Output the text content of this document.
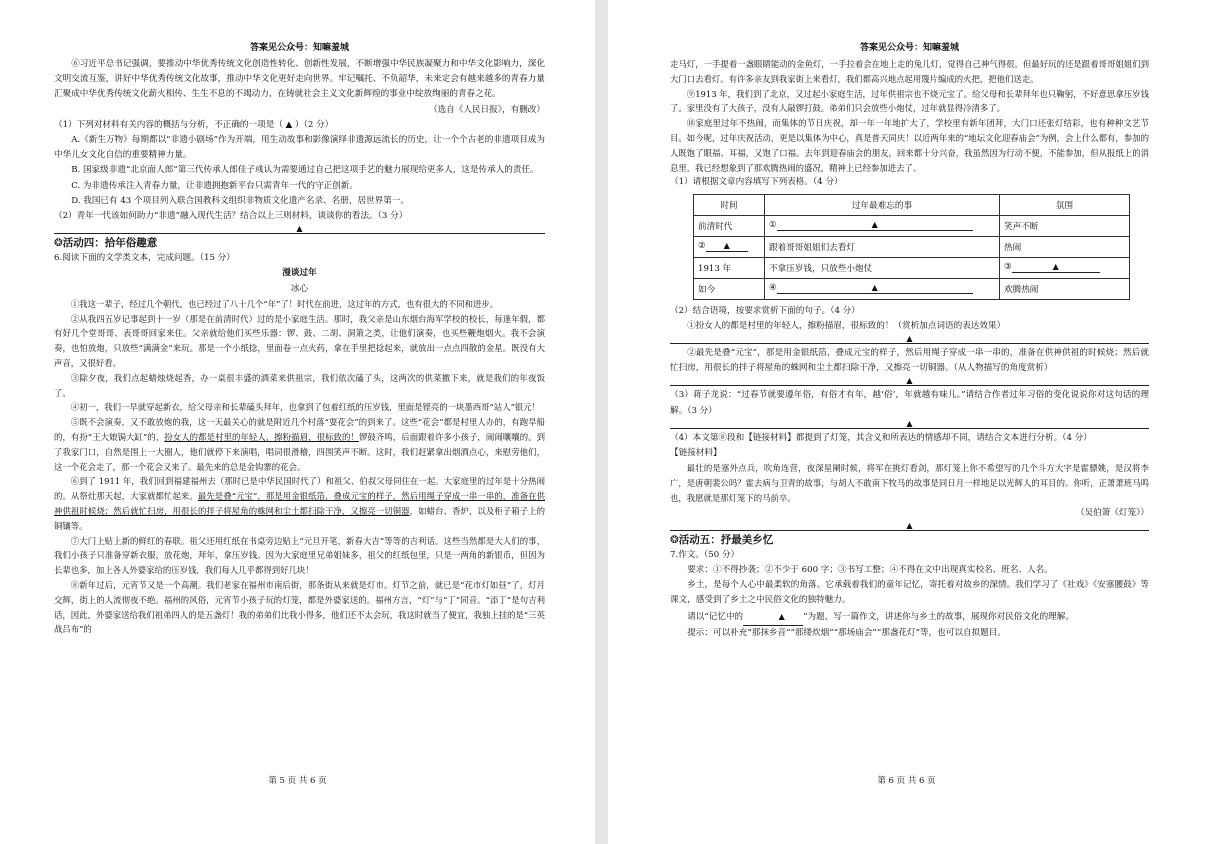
答案见公众号：知嘛羞城

⑥习近平总书记强调，要推动中华优秀传统文化创造性转化、创新性发展，不断增强中华民族凝聚力和中华文化影响力，深化文明交流互鉴，讲好中华优秀传统文化故事，推动中华文化更好走向世界。牢记嘱托、不负韶华，未来定会有越来越多的青春力量汇聚成中华优秀传统文化薪火相传、生生不息的不竭动力，在铸就社会主义文化新辉煌的事业中绽放绚丽的青春之花。

（选自《人民日报》，有删改）

（1）下列对材料有关内容的概括与分析，不正确的一项是（ ▲ ）（2 分）

A.《新生万物》每期都以“非遗小剧场”作为开端，用生动故事和影像演绎非遗源远流长的历史，让一个个古老的非遗项目成为中华儿女文化自信的重要精神力量。

B. 国家级非遗“北京面人郎”第三代传承人郎佳子彧认为需要通过自己把这项手艺的魅力展现给更多人，这是传承人的责任。

C. 为非遗传承注入青春力量，让非遗拥抱新平台只需青年一代的守正创新。

D. 我国已有 43 个项目列入联合国教科文组织非物质文化遗产名录、名册，居世界第一。

（2）青年一代该如何助力“非遗”融入现代生活？结合以上三则材料，谈谈你的看法。（3 分）

▲
❂活动四：拾年俗趣意

6.阅读下面的文学类文本，完成问题。（15 分）

漫谈过年

冰心

①我这一辈子，经过几个朝代，也已经过了八十几个“年”了！时代在前进，这过年的方式，也有很大的不同和进步。

②从我四五岁记事起到十一岁（那是在前清时代）过的是小家庭生活。那时，我父亲是山东烟台海军学校的校长，每逢年假，都有好几个堂哥哥、表哥哥回家来住。父亲就给他们买些乐器：锣、鼓、二胡、洞箫之类，让他们演奏，也买些鞭炮烟火。我不会演奏，也怕放炮，只放些“满满金”来玩。那是一个小纸捻，里面卷一点火药，拿在手里把捻起来，就放出一点点四散的金星。既没有大声音，又很好看。

③除夕夜，我们点起蜡烛烧起香，办一桌很丰盛的酒菜来供祖宗，我们依次磕了头，这两次的供菜撤下来，就是我们的年夜饭了。

④初一，我们一早就穿起新衣，给父母亲和长辈磕头拜年，也拿到了包着红纸的压岁钱，里面是铿亮的一块墨西哥“站人”银元！

⑤既不会演奏，又不敢放炮的我，这一天最关心的就是附近几个村落“耍花会”的到来了。这些“花会”都是村里人办的，有跑旱船的，有扮“王大娘锔大缸”的，扮女人的都是村里的年轻人，擦粉描眉，很标致的！锣鼓齐鸣，后面跟着许多小孩子，闹闹嚷嚷的。到了我家门口，自然是围上一大圈人，他们就停下来演唱，唱词很滑稽，四围笑声不断。这时，我们赶紧拿出烟酒点心，来慰劳他们，这一个花会走了，那一个花会又来了。最先来的总是金钩寨的花会。

⑥到了 1911 年，我们回到福建福州去（那时已是中华民国时代了）和祖父、伯叔父母同住在一起。大家庭里的过年是十分热闹的。从祭灶那天起，大家就都忙起来。最先是叠“元宝”，那是用金银纸箔，叠成元宝的样子，然后用绳子穿成一串一串的，准备在供神供祖时候烧；然后就忙扫房，用很长的拌子将屋角的蛛网和尘土都扫除干净，又擦亮一切铜器，如蜡台、香炉，以及柜子箱子上的铜镶等。

⑦大门上贴上新的鲜红的春联。祖父还用红纸在书桌旁边贴上“元旦开笔，新春大吉”等等的吉利话。这些当然都是大人们的事，我们小孩子只准备穿新衣服，放花炮，拜年，拿压岁钱。因为大家庭里兄弟姐妹多，祖父的红纸包里，只是一两角的新银币，但因为长辈也多，加上各人外婆家给的压岁钱，我们每人几乎都得到好几块！

⑧新年过后，元宵节又是一个高潮。我们老家在福州市南后街，那条街从来就是灯市。灯节之前，就已是“花市灯如昼”了，灯月交辉，街上的人流彻夜不绝。福州的风俗，元宵节小孩子玩的灯笼，都是外婆家送的。福州方言，“灯”与“丁”同音。“添丁”是句吉利话，因此，外婆家送给我们祖弟四人的是五盏灯！我的弟弟们比我小得多，他们还不太会玩，我这时就当了便宜，我独上挂的是“三英战吕布”的

第 5 页 共 6 页
答案见公众号：知嘛羞城

走马灯，一手提着一盏眼睛能动的金鱼灯，一手拉着会在地上走的兔儿灯，觉得自己神气得很。但最好玩的还是跟着哥哥姐姐们到大门口去看灯。有许多亲友到我家街上来看灯，我们都高兴地点起用篾片编成的火把，把他们送走。

⑨1913 年，我们到了北京，又过起小家庭生活，过年供祖宗也不烧元宝了。给父母和长辈拜年也只鞠躬，不好意思拿压岁钱了。家里没有了大孩子，没有人敲锣打鼓。弟弟们只会放些小炮仗，过年就显得冷清多了。

⑩家庭里过年不热闹，而集体的节日庆祝，却一年一年地扩大了，学校里有新年团拜，大门口还张灯结彩，也有种种文艺节目。如今呢，过年庆祝活动，更是以集体为中心，真是普天同庆！以近两年来的“地坛文化迎春庙会”为例，会上什么都有，参加的人既饱了眼福、耳福，又饱了口福。去年到迎春庙会的朋友，回来都十分兴奋，我虽然因为行动不便，不能参加，但从报纸上的消息里，我已经想象到了那欢腾热闹的盛况，精神上已经参加进去了。

（1）请根据文章内容填写下列表格。（4 分）

时间	过年最难忘的事	氛围
前清时代	① ▲	笑声不断
② ▲	跟着哥哥姐姐们去看灯	热闹
1913 年	不拿压岁钱，只放些小炮仗	③ ▲
如今	④ ▲	欢腾热闹

（2）结合语境，按要求赏析下面的句子。（4 分）

①扮女人的都是村里的年轻人，擦粉描眉，很标致的！（赏析加点词语的表达效果）

▲

②最先是叠“元宝”，那是用金银纸箔，叠成元宝的样子，然后用绳子穿成一串一串的，准备在供神供祖的时候烧；然后就忙扫房，用很长的拌子将屋角的蛛网和尘土都扫除干净，又擦亮一切铜器。（从人物描写的角度赏析）

▲

（3）蒋子龙说：“过春节就要遵年俗，有俗才有年，越‘俗’，年就越有味儿。”请结合作者过年习俗的变化说说你对这句话的理解。（3 分）

▲

（4）本文第⑧段和【链接材料】都提到了灯笼，其含义和所表达的情感却不同，请结合文本进行分析。（4 分）

【链接材料】

最壮的是塞外点兵，吹角连营，夜深星阑时候，将军在挑灯看剑，那灯笼上你不希望写的几个斗方大字是霍骠姚，是汉将李广，是唐朝裴公吗？霍去病与卫青的故事，与胡人不敢南下牧马的故事是同日月一样地足以光辉人的耳目的。你听，正萧萧班马鸣也，我愿就是那灯笼下的马前卒。

（吴伯箫《灯笼》）

▲
❂活动五：抒最美乡忆

7.作文。（50 分）

要求：①不得抄袭；②不少于 600 字；③书写工整；④不得在文中出现真实校名、班名、人名。

乡土，是每个人心中最柔软的角落。它承载着我们的童年记忆，寄托着对故乡的深情。我们学习了《社戏》《安塞腰鼓》等课文，感受到了乡土之中民俗文化的独特魅力。

请以“记忆中的	▲ ”为题，写一篇作文，讲述你与乡土的故事，展现你对民俗文化的理解。

提示：可以补充“那抹乡音”“那缕炊烟”“那场庙会”“那盏花灯”等，也可以自拟题目。

第 6 页 共 6 页
